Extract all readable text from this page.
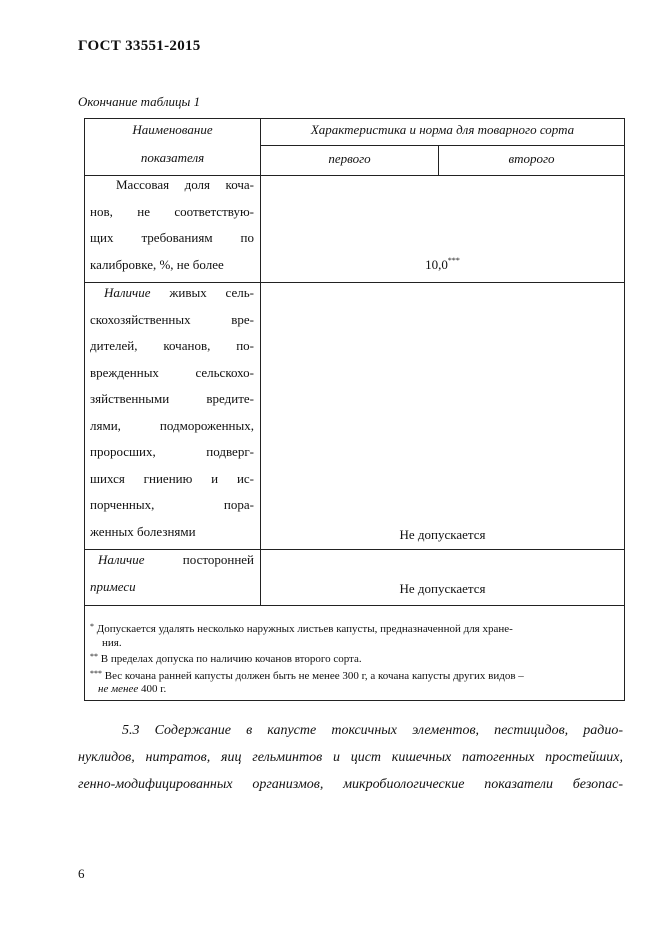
ГОСТ 33551-2015
Окончание таблицы 1
Наименование
показателя
Характеристика и норма для товарного сорта
первого	второго
Массовая доля коча-
нов, не соответствую-
щих требованиям по
калибровке, %, не более	10,0***
Наличие живых сель-
скохозяйственных вре-
дителей, кочанов, по-
врежденных сельскохо-
зяйственными вредите-
лями, подмороженных,
проросших, подверг-
шихся гниению и ис-
порченных, пора-
женных болезнями	Не допускается
Наличие посторонней
примеси	Не допускается
* Допускается удалять несколько наружных листьев капусты, предназначенной для хране-
ния.
** В пределах допуска по наличию кочанов второго сорта.
*** Вес кочана ранней капусты должен быть не менее 300 г, а кочана капусты других видов –
не менее 400 г.
5.3 Содержание в капусте токсичных элементов, пестицидов, радио-
нуклидов, нитратов, яиц гельминтов и цист кишечных патогенных простейших,
генно-модифицированных организмов, микробиологические показатели безопас-
6
